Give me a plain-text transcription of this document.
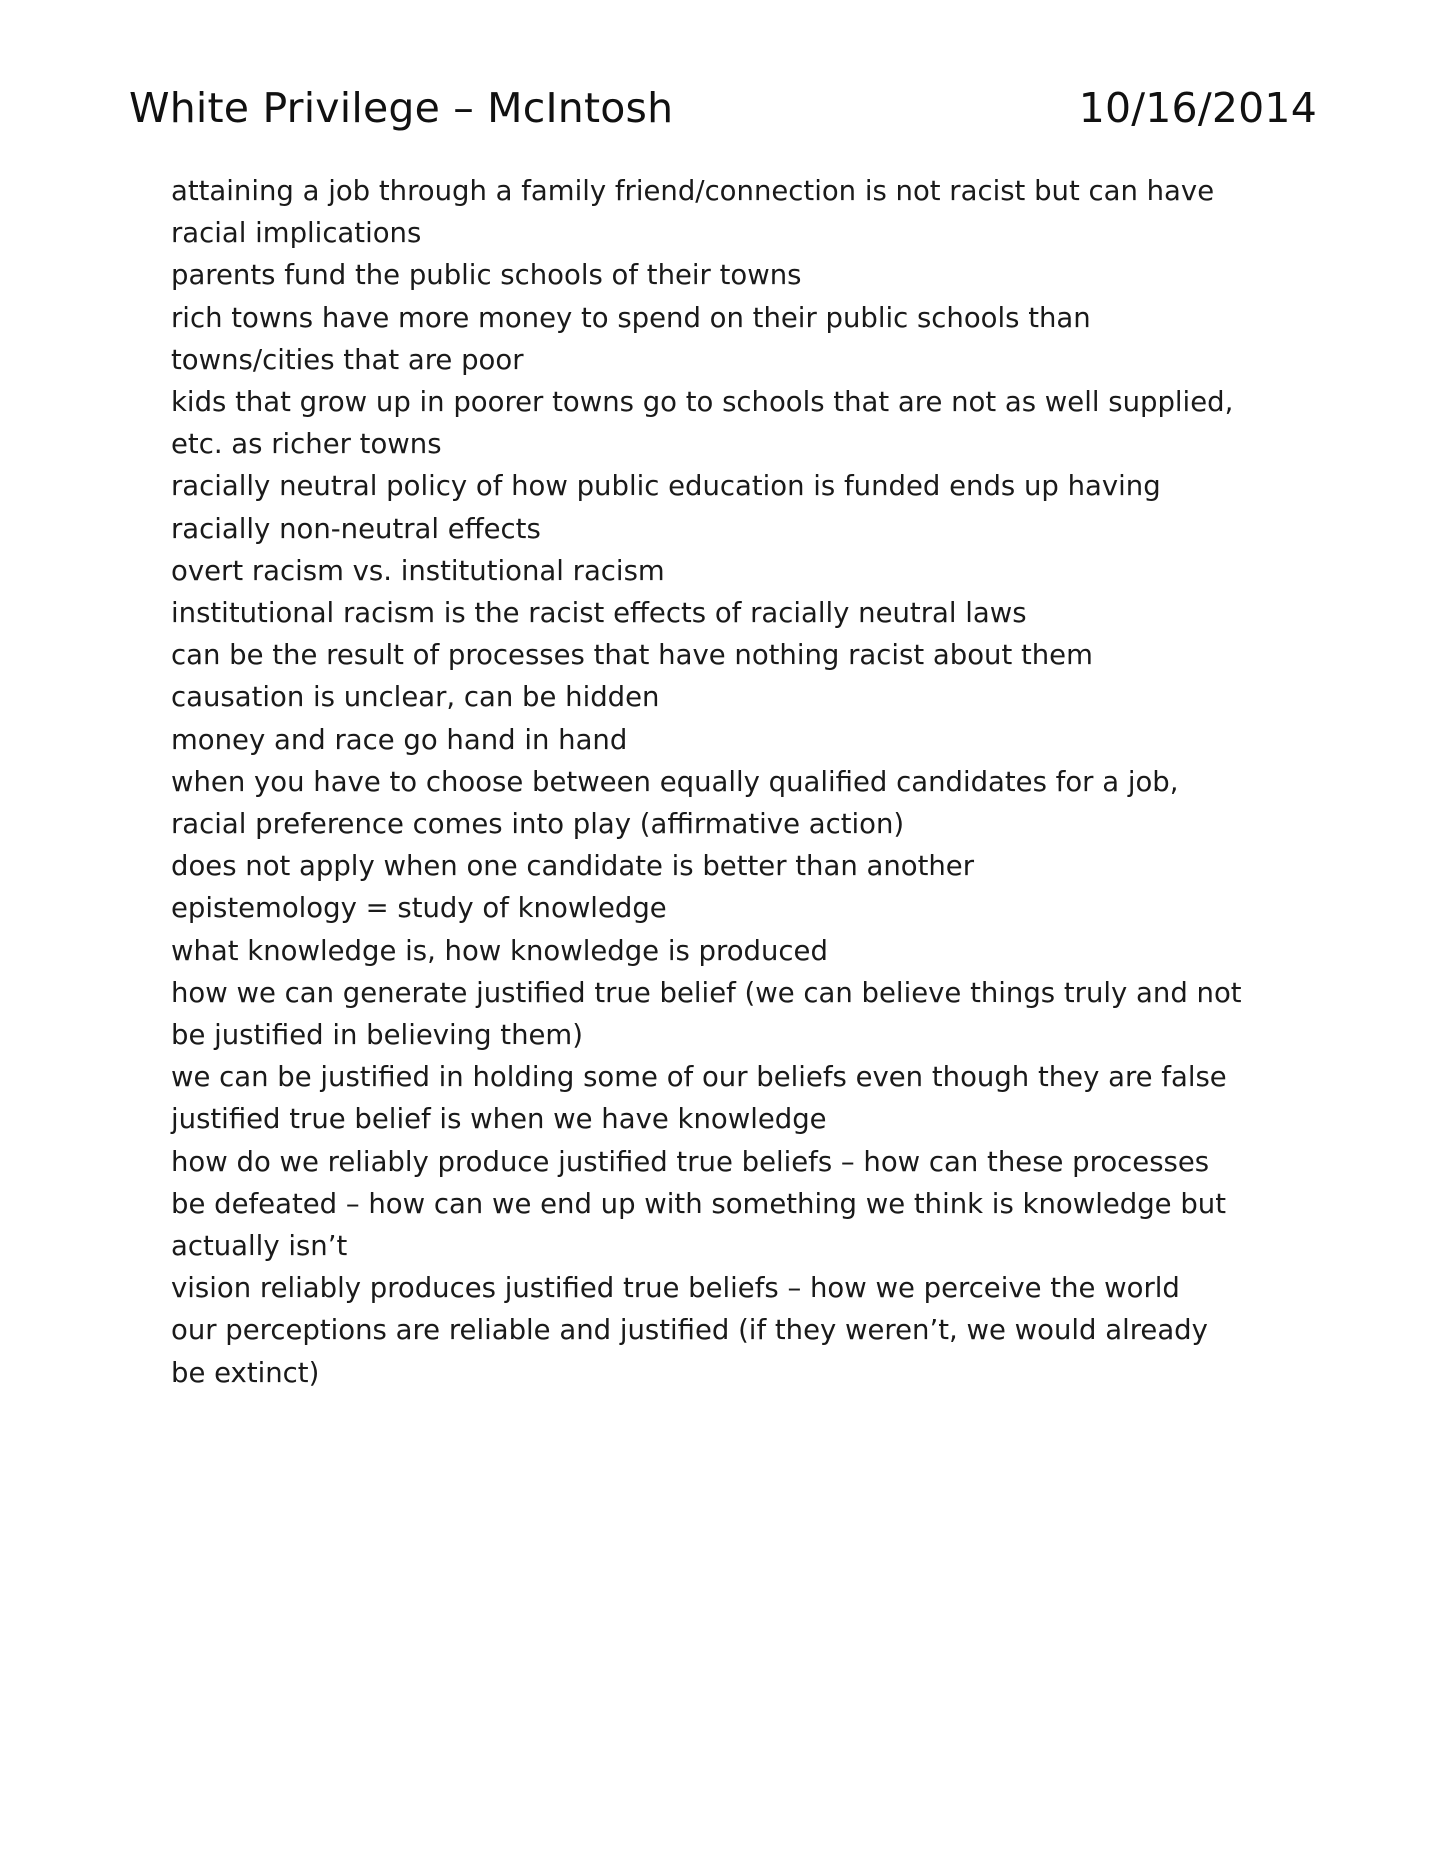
White Privilege – McIntosh	10/16/2014
attaining a job through a family friend/connection is not racist but can have
racial implications
parents fund the public schools of their towns
rich towns have more money to spend on their public schools than
towns/cities that are poor
kids that grow up in poorer towns go to schools that are not as well supplied,
etc. as richer towns
racially neutral policy of how public education is funded ends up having
racially non-neutral effects
overt racism vs. institutional racism
institutional racism is the racist effects of racially neutral laws
can be the result of processes that have nothing racist about them
causation is unclear, can be hidden
money and race go hand in hand
when you have to choose between equally qualified candidates for a job,
racial preference comes into play (affirmative action)
does not apply when one candidate is better than another
epistemology = study of knowledge
what knowledge is, how knowledge is produced
how we can generate justified true belief (we can believe things truly and not
be justified in believing them)
we can be justified in holding some of our beliefs even though they are false
justified true belief is when we have knowledge
how do we reliably produce justified true beliefs – how can these processes
be defeated – how can we end up with something we think is knowledge but
actually isn’t
vision reliably produces justified true beliefs – how we perceive the world
our perceptions are reliable and justified (if they weren’t, we would already
be extinct)
